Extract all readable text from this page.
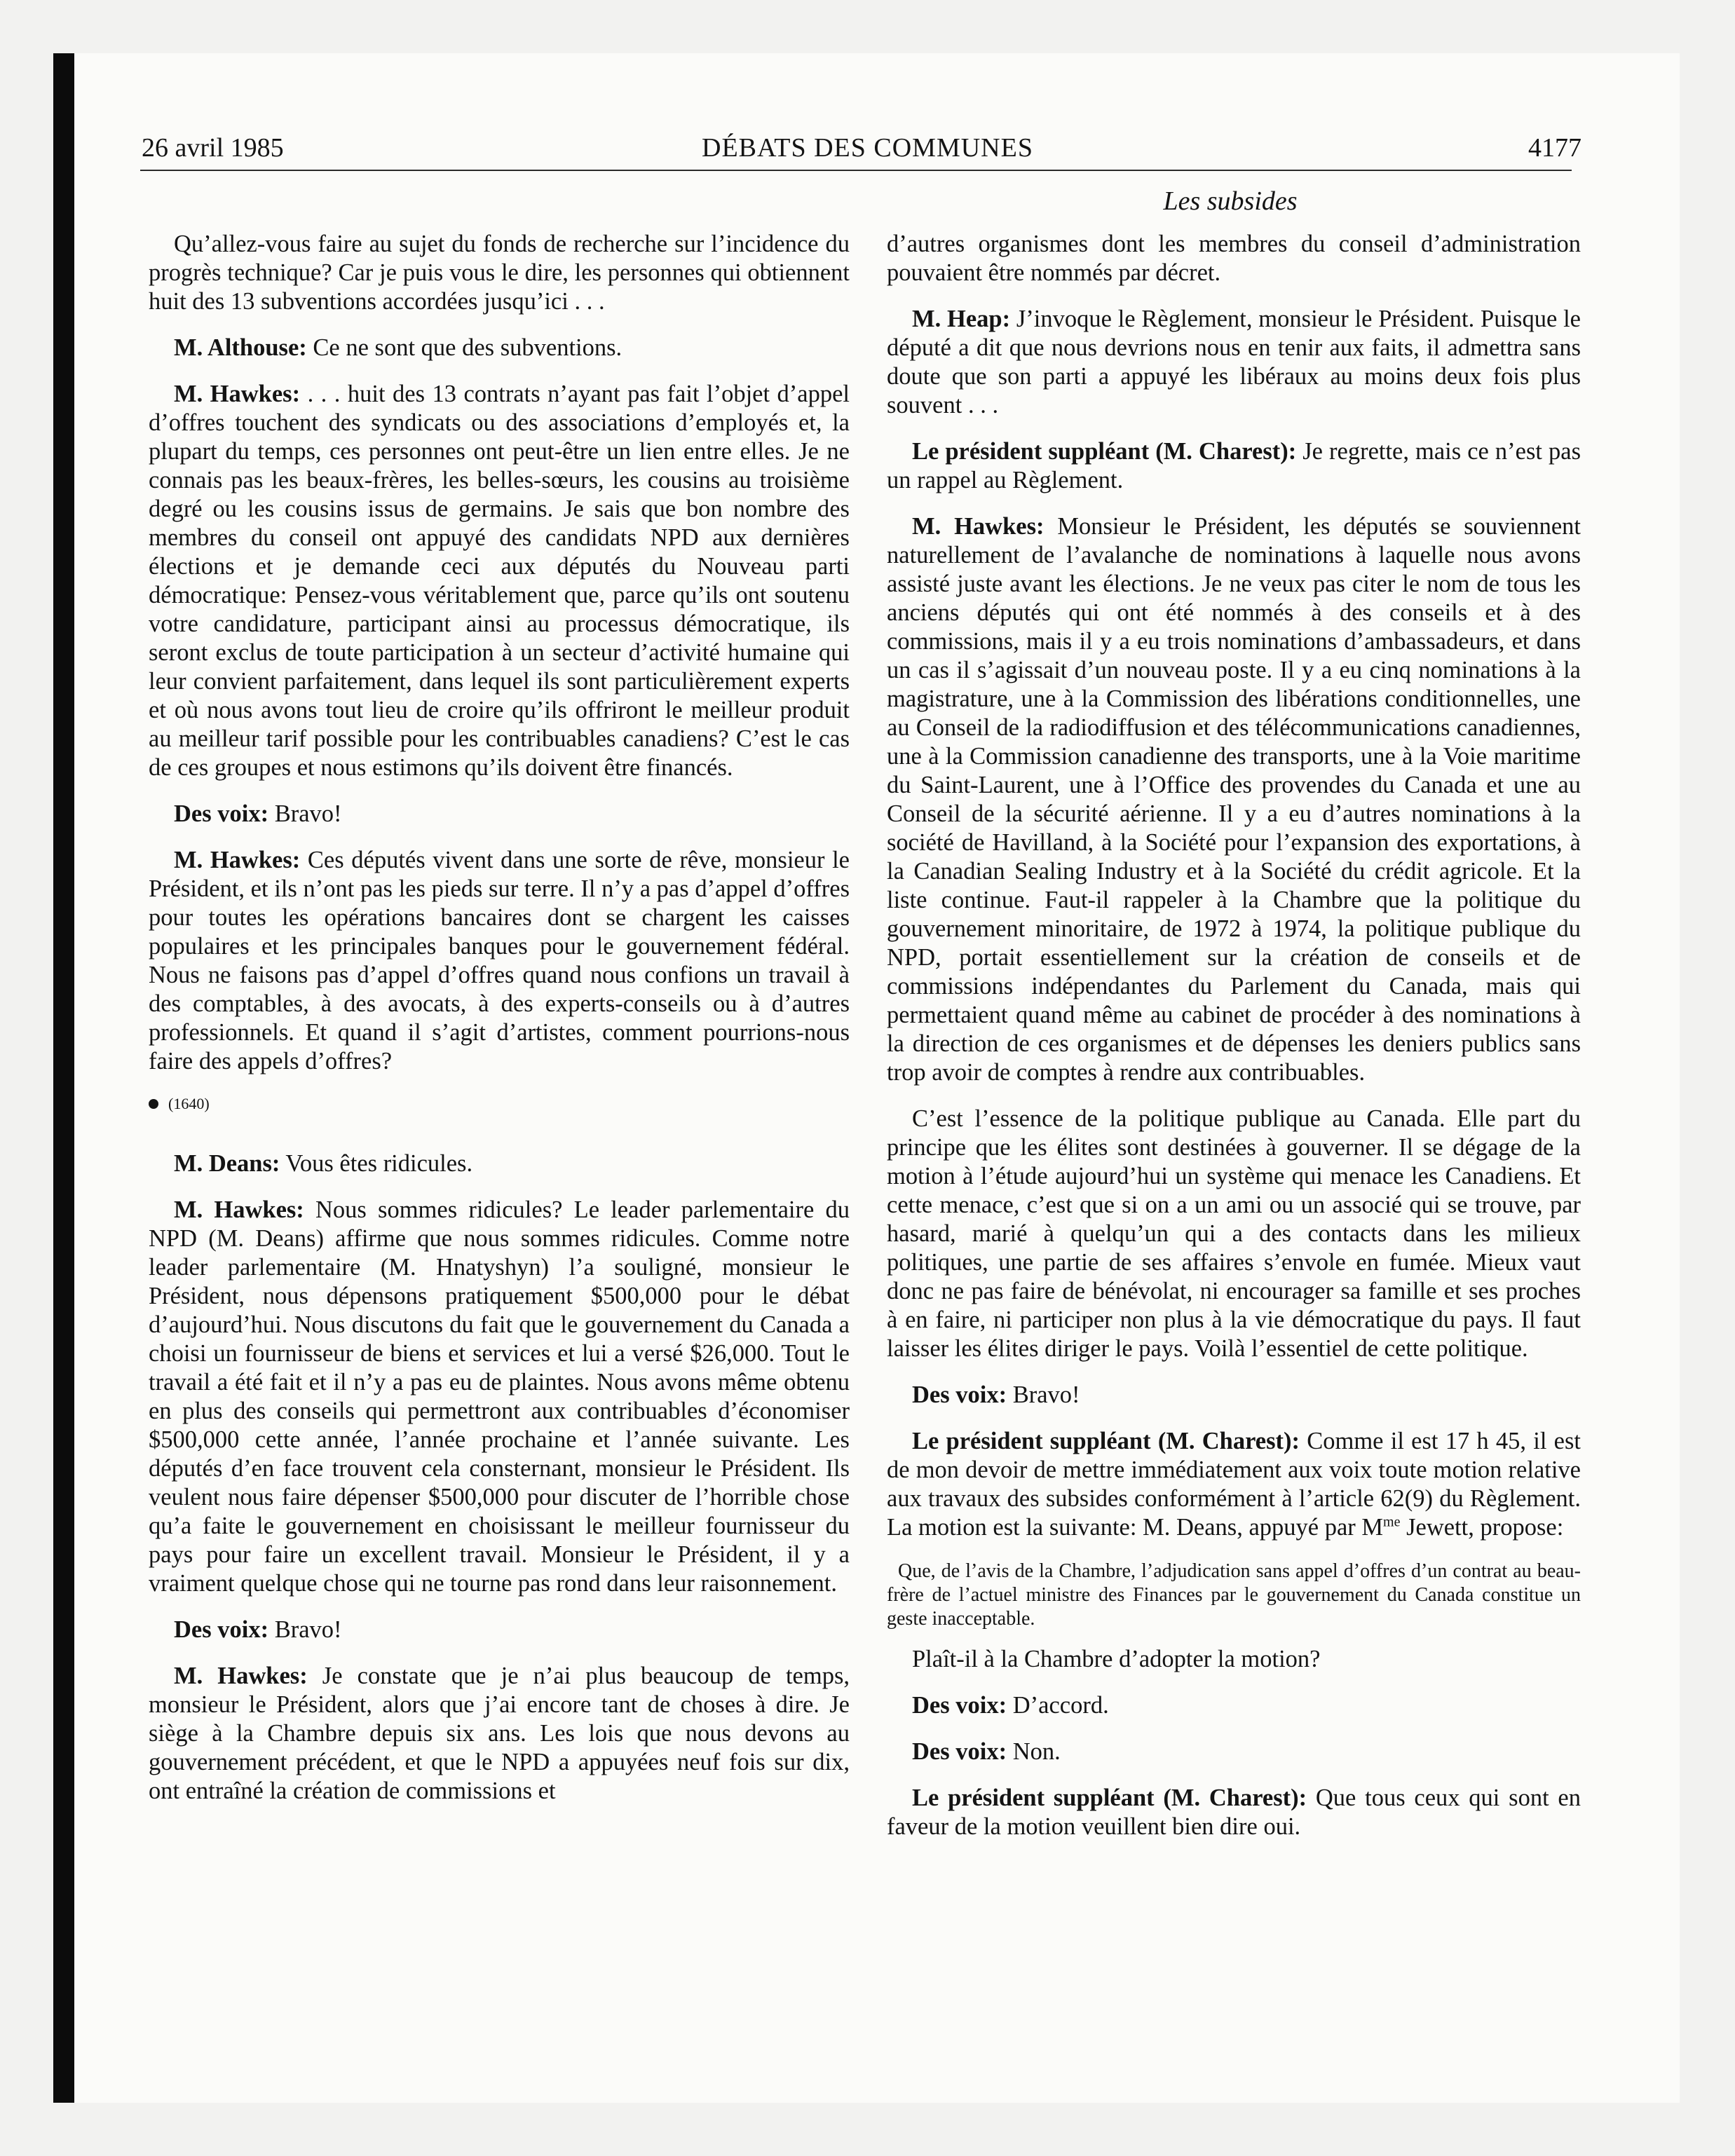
26 avril 1985	DÉBATS DES COMMUNES	4177
Les subsides

Qu’allez-vous faire au sujet du fonds de recherche sur l’incidence du progrès technique? Car je puis vous le dire, les personnes qui obtiennent huit des 13 subventions accordées jusqu’ici . . .

M. Althouse: Ce ne sont que des subventions.

M. Hawkes: . . . huit des 13 contrats n’ayant pas fait l’objet d’appel d’offres touchent des syndicats ou des associations d’employés et, la plupart du temps, ces personnes ont peut-être un lien entre elles. Je ne connais pas les beaux-frères, les belles-sœurs, les cousins au troisième degré ou les cousins issus de germains. Je sais que bon nombre des membres du conseil ont appuyé des candidats NPD aux dernières élections et je demande ceci aux députés du Nouveau parti démocratique: Pensez-vous véritablement que, parce qu’ils ont soutenu votre candidature, participant ainsi au processus démocratique, ils seront exclus de toute participation à un secteur d’activité humaine qui leur convient parfaitement, dans lequel ils sont particulièrement experts et où nous avons tout lieu de croire qu’ils offriront le meilleur produit au meilleur tarif possible pour les contribuables canadiens? C’est le cas de ces groupes et nous estimons qu’ils doivent être financés.

Des voix: Bravo!

M. Hawkes: Ces députés vivent dans une sorte de rêve, monsieur le Président, et ils n’ont pas les pieds sur terre. Il n’y a pas d’appel d’offres pour toutes les opérations bancaires dont se chargent les caisses populaires et les principales banques pour le gouvernement fédéral. Nous ne faisons pas d’appel d’offres quand nous confions un travail à des comptables, à des avocats, à des experts-conseils ou à d’autres professionnels. Et quand il s’agit d’artistes, comment pourrions-nous faire des appels d’offres?

(1640)

M. Deans: Vous êtes ridicules.

M. Hawkes: Nous sommes ridicules? Le leader parlementaire du NPD (M. Deans) affirme que nous sommes ridicules. Comme notre leader parlementaire (M. Hnatyshyn) l’a souligné, monsieur le Président, nous dépensons pratiquement $500,000 pour le débat d’aujourd’hui. Nous discutons du fait que le gouvernement du Canada a choisi un fournisseur de biens et services et lui a versé $26,000. Tout le travail a été fait et il n’y a pas eu de plaintes. Nous avons même obtenu en plus des conseils qui permettront aux contribuables d’économiser $500,000 cette année, l’année prochaine et l’année suivante. Les députés d’en face trouvent cela consternant, monsieur le Président. Ils veulent nous faire dépenser $500,000 pour discuter de l’horrible chose qu’a faite le gouvernement en choisissant le meilleur fournisseur du pays pour faire un excellent travail. Monsieur le Président, il y a vraiment quelque chose qui ne tourne pas rond dans leur raisonnement.

Des voix: Bravo!

M. Hawkes: Je constate que je n’ai plus beaucoup de temps, monsieur le Président, alors que j’ai encore tant de choses à dire. Je siège à la Chambre depuis six ans. Les lois que nous devons au gouvernement précédent, et que le NPD a appuyées neuf fois sur dix, ont entraîné la création de commissions et

d’autres organismes dont les membres du conseil d’administration pouvaient être nommés par décret.

M. Heap: J’invoque le Règlement, monsieur le Président. Puisque le député a dit que nous devrions nous en tenir aux faits, il admettra sans doute que son parti a appuyé les libéraux au moins deux fois plus souvent . . .

Le président suppléant (M. Charest): Je regrette, mais ce n’est pas un rappel au Règlement.

M. Hawkes: Monsieur le Président, les députés se souviennent naturellement de l’avalanche de nominations à laquelle nous avons assisté juste avant les élections. Je ne veux pas citer le nom de tous les anciens députés qui ont été nommés à des conseils et à des commissions, mais il y a eu trois nominations d’ambassadeurs, et dans un cas il s’agissait d’un nouveau poste. Il y a eu cinq nominations à la magistrature, une à la Commission des libérations conditionnelles, une au Conseil de la radiodiffusion et des télécommunications canadiennes, une à la Commission canadienne des transports, une à la Voie maritime du Saint-Laurent, une à l’Office des provendes du Canada et une au Conseil de la sécurité aérienne. Il y a eu d’autres nominations à la société de Havilland, à la Société pour l’expansion des exportations, à la Canadian Sealing Industry et à la Société du crédit agricole. Et la liste continue. Faut-il rappeler à la Chambre que la politique du gouvernement minoritaire, de 1972 à 1974, la politique publique du NPD, portait essentiellement sur la création de conseils et de commissions indépendantes du Parlement du Canada, mais qui permettaient quand même au cabinet de procéder à des nominations à la direction de ces organismes et de dépenses les deniers publics sans trop avoir de comptes à rendre aux contribuables.

C’est l’essence de la politique publique au Canada. Elle part du principe que les élites sont destinées à gouverner. Il se dégage de la motion à l’étude aujourd’hui un système qui menace les Canadiens. Et cette menace, c’est que si on a un ami ou un associé qui se trouve, par hasard, marié à quelqu’un qui a des contacts dans les milieux politiques, une partie de ses affaires s’envole en fumée. Mieux vaut donc ne pas faire de bénévolat, ni encourager sa famille et ses proches à en faire, ni participer non plus à la vie démocratique du pays. Il faut laisser les élites diriger le pays. Voilà l’essentiel de cette politique.

Des voix: Bravo!

Le président suppléant (M. Charest): Comme il est 17 h 45, il est de mon devoir de mettre immédiatement aux voix toute motion relative aux travaux des subsides conformément à l’article 62(9) du Règlement. La motion est la suivante: M. Deans, appuyé par $M^{me}$ Jewett, propose:

Que, de l’avis de la Chambre, l’adjudication sans appel d’offres d’un contrat au beau-frère de l’actuel ministre des Finances par le gouvernement du Canada constitue un geste inacceptable.

Plaît-il à la Chambre d’adopter la motion?

Des voix: D’accord.

Des voix: Non.

Le président suppléant (M. Charest): Que tous ceux qui sont en faveur de la motion veuillent bien dire oui.
